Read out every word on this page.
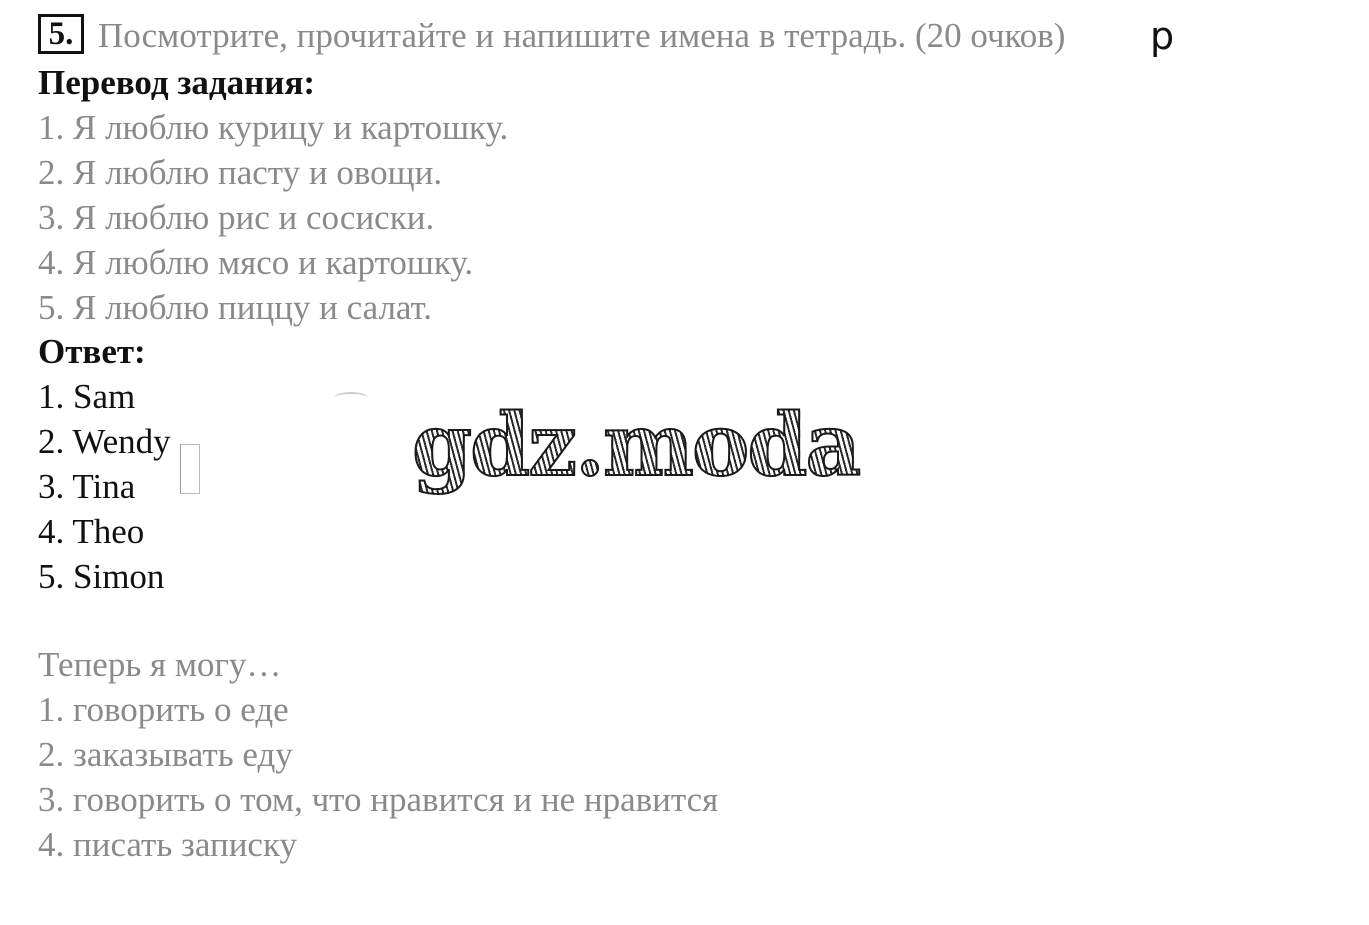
5. Посмотрите, прочитайте и напишите имена в тетрадь. (20 очков)	р
Перевод задания:
1. Я люблю курицу и картошку.
2. Я люблю пасту и овощи.
3. Я люблю рис и сосиски.
4. Я люблю мясо и картошку.
5. Я люблю пиццу и салат.
Ответ:
1. Sam
2. Wendy
3. Tina
4. Theo
5. Simon
Теперь я могу…
1. говорить о еде
2. заказывать еду
3. говорить о том, что нравится и не нравится
4. писать записку
gdz.moda
